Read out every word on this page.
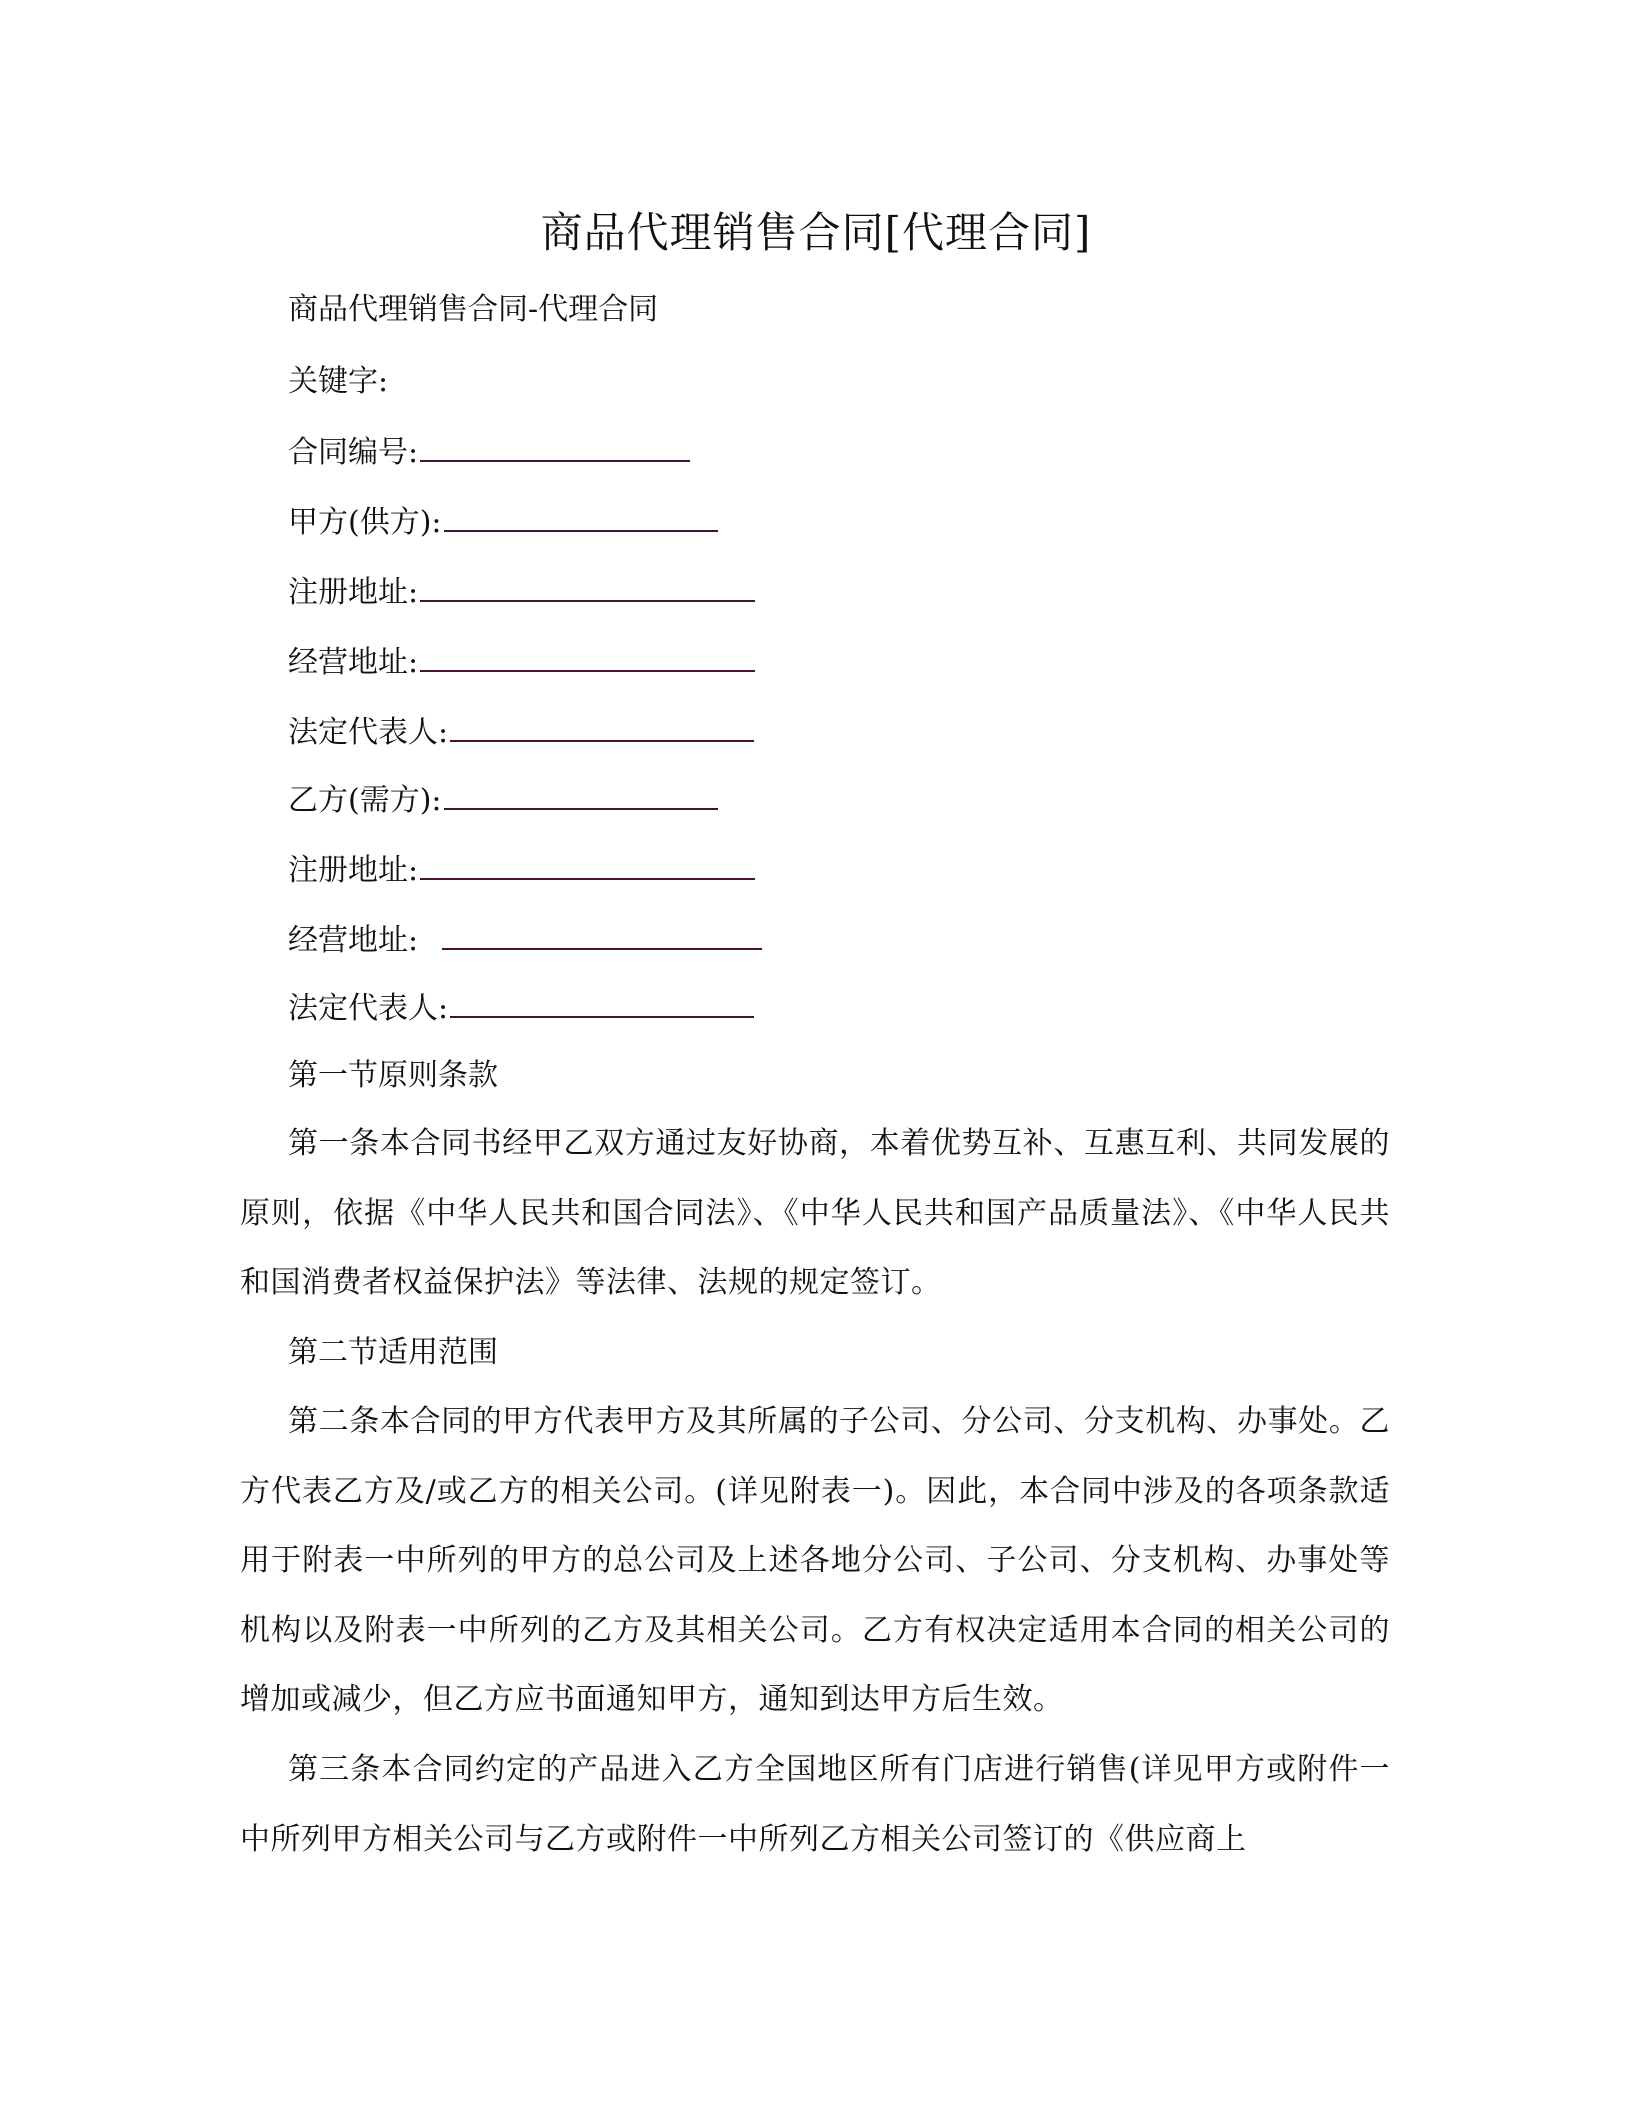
商品代理销售合同[代理合同]
商品代理销售合同-代理合同
关键字:
合同编号:
甲方(供方):
注册地址:
经营地址:
法定代表人:
乙方(需方):
注册地址:
经营地址:
法定代表人:
第一节原则条款

第一条本合同书经甲乙双方通过友好协商，本着优势互补、互惠互利、共同发展的原则，依据《中华人民共和国合同法》、《中华人民共和国产品质量法》、《中华人民共和国消费者权益保护法》等法律、法规的规定签订。

第二节适用范围

第二条本合同的甲方代表甲方及其所属的子公司、分公司、分支机构、办事处。乙方代表乙方及/或乙方的相关公司。(详见附表一)。因此，本合同中涉及的各项条款适用于附表一中所列的甲方的总公司及上述各地分公司、子公司、分支机构、办事处等机构以及附表一中所列的乙方及其相关公司。乙方有权决定适用本合同的相关公司的增加或减少，但乙方应书面通知甲方，通知到达甲方后生效。

第三条本合同约定的产品进入乙方全国地区所有门店进行销售(详见甲方或附件一中所列甲方相关公司与乙方或附件一中所列乙方相关公司签订的《供应商上
